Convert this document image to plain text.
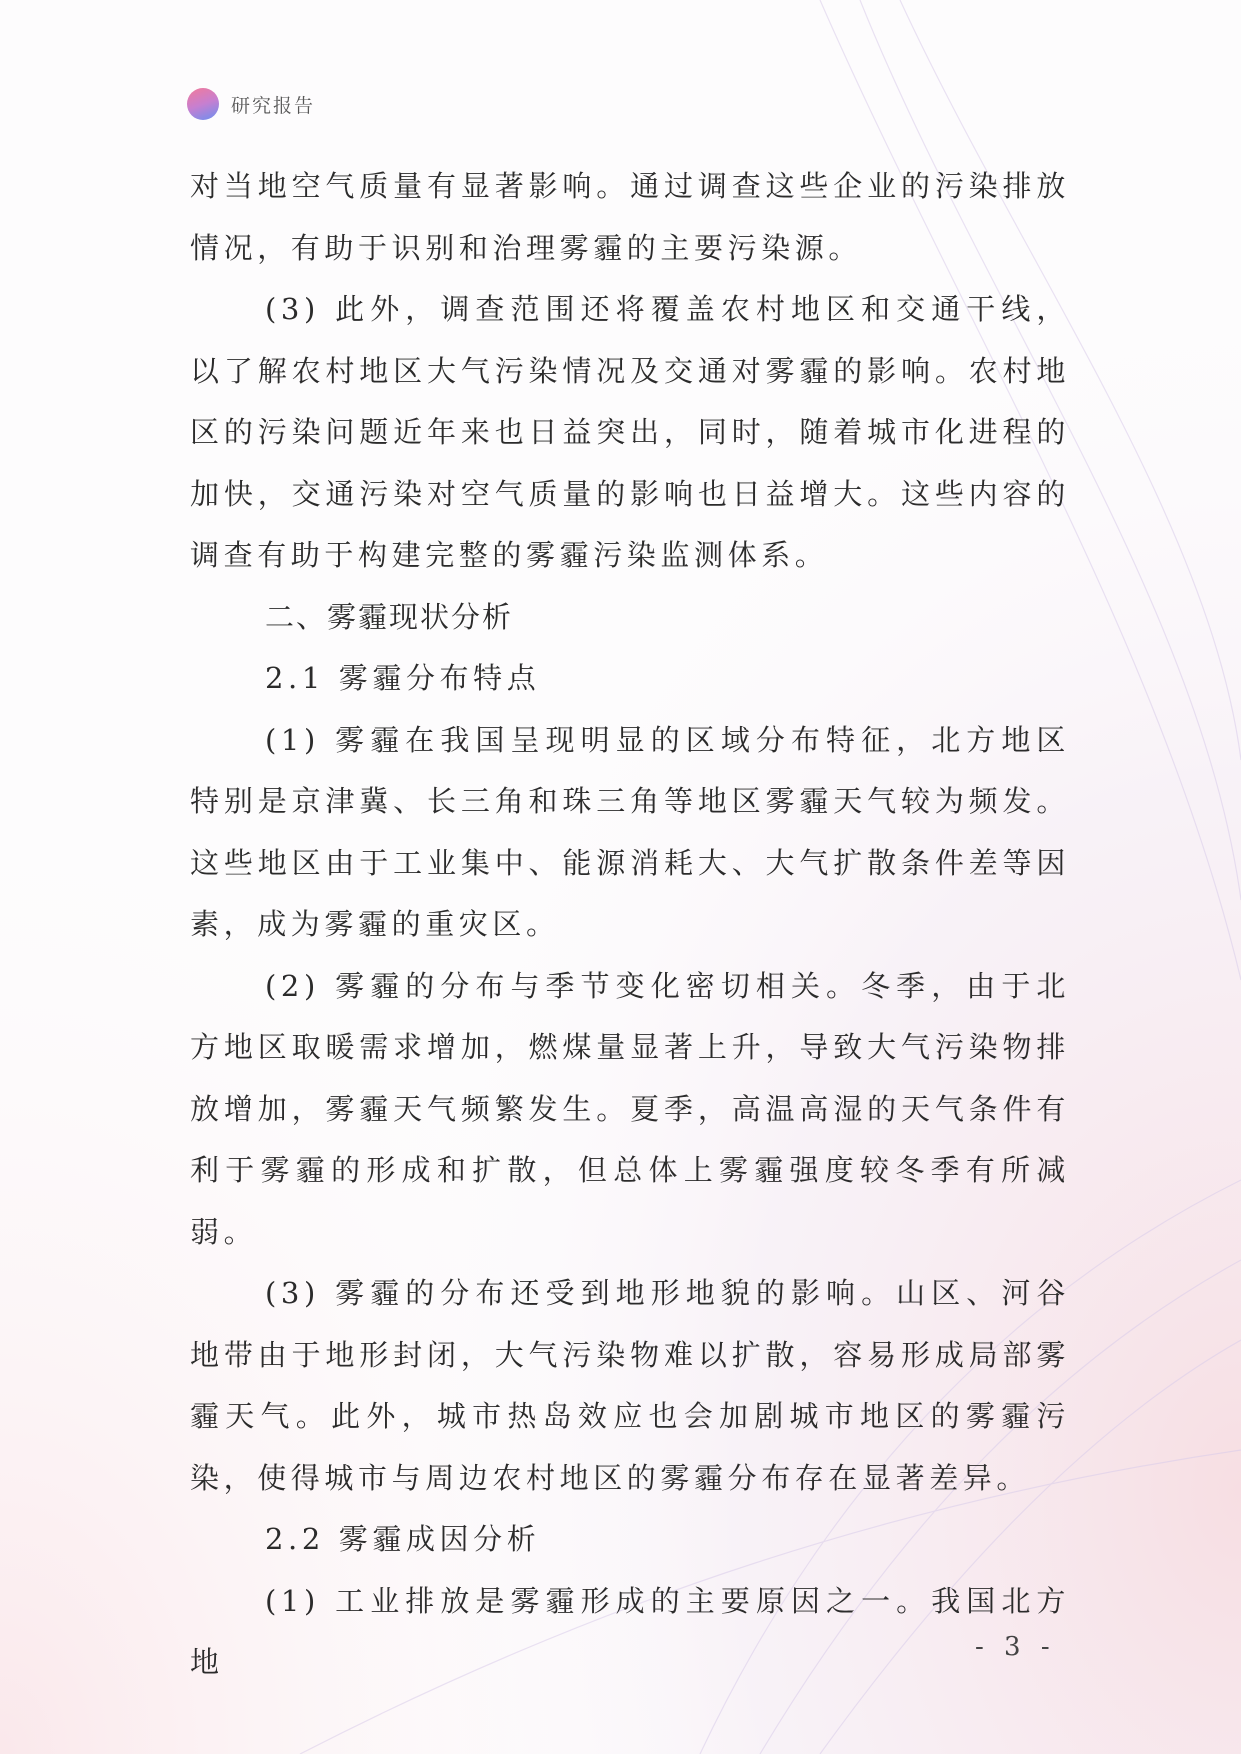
研究报告

对当地空气质量有显著影响。通过调查这些企业的污染排放情况，有助于识别和治理雾霾的主要污染源。

(3) 此外，调查范围还将覆盖农村地区和交通干线，以了解农村地区大气污染情况及交通对雾霾的影响。农村地区的污染问题近年来也日益突出，同时，随着城市化进程的加快，交通污染对空气质量的影响也日益增大。这些内容的调查有助于构建完整的雾霾污染监测体系。

二、雾霾现状分析

2.1 雾霾分布特点

(1) 雾霾在我国呈现明显的区域分布特征，北方地区特别是京津冀、长三角和珠三角等地区雾霾天气较为频发。这些地区由于工业集中、能源消耗大、大气扩散条件差等因素，成为雾霾的重灾区。

(2) 雾霾的分布与季节变化密切相关。冬季，由于北方地区取暖需求增加，燃煤量显著上升，导致大气污染物排放增加，雾霾天气频繁发生。夏季，高温高湿的天气条件有利于雾霾的形成和扩散，但总体上雾霾强度较冬季有所减弱。

(3) 雾霾的分布还受到地形地貌的影响。山区、河谷地带由于地形封闭，大气污染物难以扩散，容易形成局部雾霾天气。此外，城市热岛效应也会加剧城市地区的雾霾污染，使得城市与周边农村地区的雾霾分布存在显著差异。

2.2 雾霾成因分析

(1) 工业排放是雾霾形成的主要原因之一。我国北方地	- 3 -
